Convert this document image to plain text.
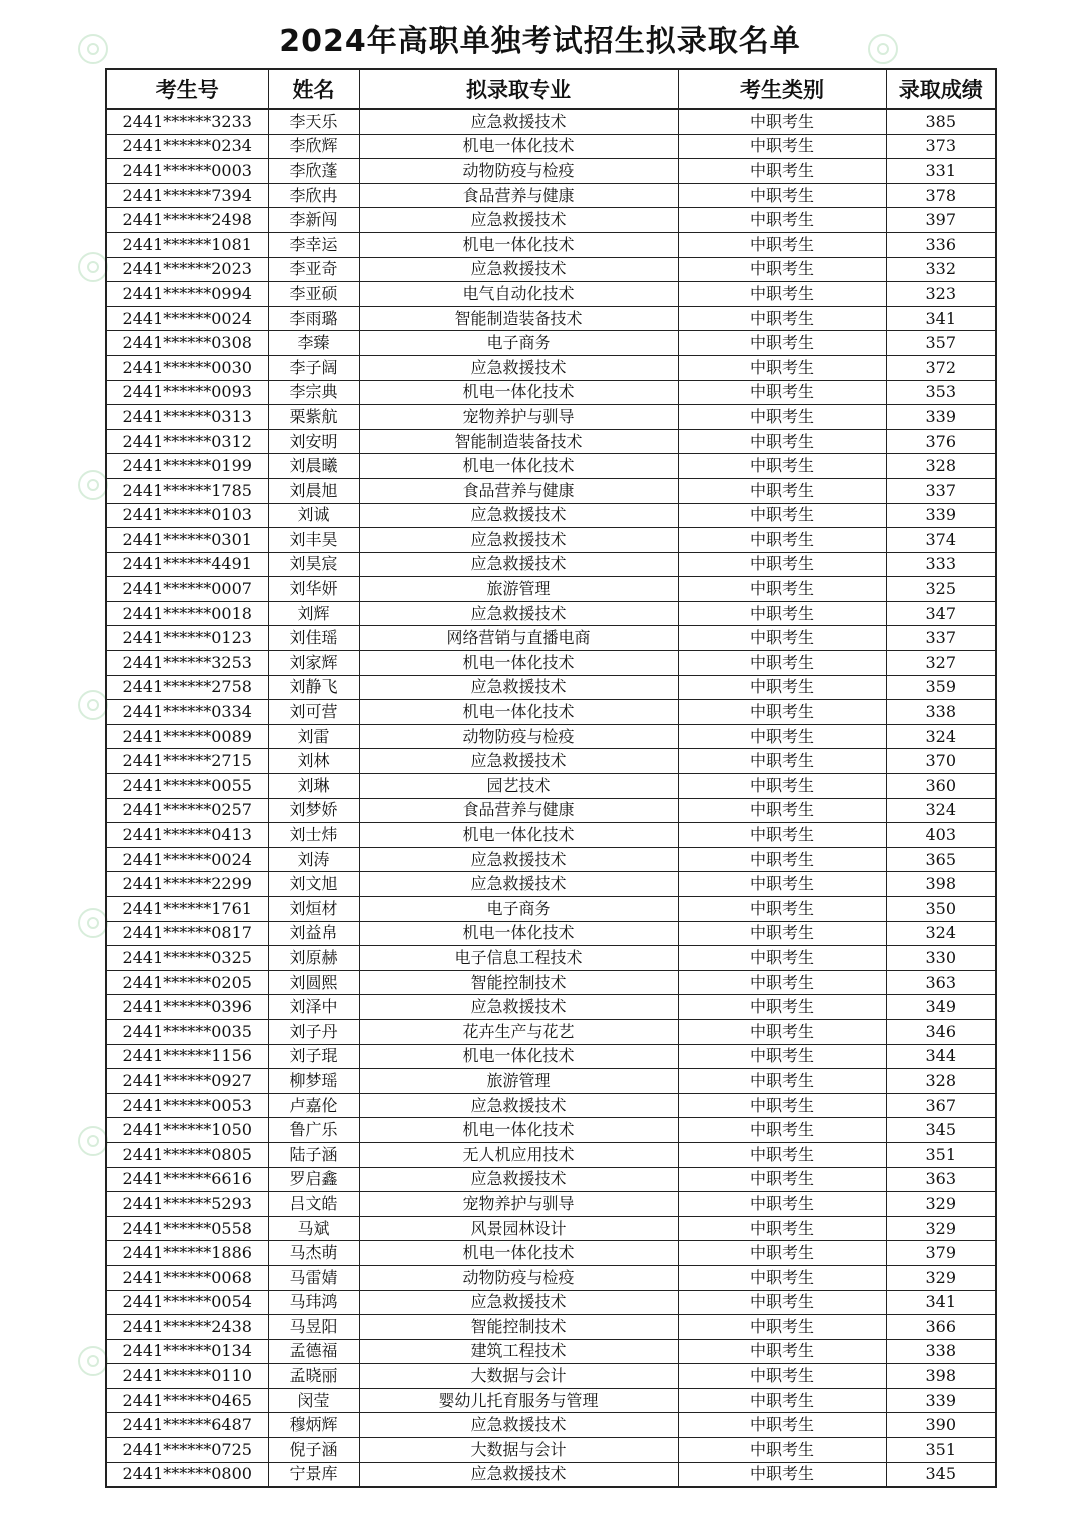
2024年高职单独考试招生拟录取名单
考生号	姓名	拟录取专业	考生类别	录取成绩
2441******3233	李天乐	应急救援技术	中职考生	385
2441******0234	李欣辉	机电一体化技术	中职考生	373
2441******0003	李欣蓬	动物防疫与检疫	中职考生	331
2441******7394	李欣冉	食品营养与健康	中职考生	378
2441******2498	李新闯	应急救援技术	中职考生	397
2441******1081	李幸运	机电一体化技术	中职考生	336
2441******2023	李亚奇	应急救援技术	中职考生	332
2441******0994	李亚硕	电气自动化技术	中职考生	323
2441******0024	李雨璐	智能制造装备技术	中职考生	341
2441******0308	李臻	电子商务	中职考生	357
2441******0030	李子阔	应急救援技术	中职考生	372
2441******0093	李宗典	机电一体化技术	中职考生	353
2441******0313	栗紫航	宠物养护与驯导	中职考生	339
2441******0312	刘安明	智能制造装备技术	中职考生	376
2441******0199	刘晨曦	机电一体化技术	中职考生	328
2441******1785	刘晨旭	食品营养与健康	中职考生	337
2441******0103	刘诚	应急救援技术	中职考生	339
2441******0301	刘丰昊	应急救援技术	中职考生	374
2441******4491	刘昊宸	应急救援技术	中职考生	333
2441******0007	刘华妍	旅游管理	中职考生	325
2441******0018	刘辉	应急救援技术	中职考生	347
2441******0123	刘佳瑶	网络营销与直播电商	中职考生	337
2441******3253	刘家辉	机电一体化技术	中职考生	327
2441******2758	刘静飞	应急救援技术	中职考生	359
2441******0334	刘可营	机电一体化技术	中职考生	338
2441******0089	刘雷	动物防疫与检疫	中职考生	324
2441******2715	刘林	应急救援技术	中职考生	370
2441******0055	刘琳	园艺技术	中职考生	360
2441******0257	刘梦娇	食品营养与健康	中职考生	324
2441******0413	刘士炜	机电一体化技术	中职考生	403
2441******0024	刘涛	应急救援技术	中职考生	365
2441******2299	刘文旭	应急救援技术	中职考生	398
2441******1761	刘烜材	电子商务	中职考生	350
2441******0817	刘益帛	机电一体化技术	中职考生	324
2441******0325	刘原赫	电子信息工程技术	中职考生	330
2441******0205	刘圆熙	智能控制技术	中职考生	363
2441******0396	刘泽中	应急救援技术	中职考生	349
2441******0035	刘子丹	花卉生产与花艺	中职考生	346
2441******1156	刘子琨	机电一体化技术	中职考生	344
2441******0927	柳梦瑶	旅游管理	中职考生	328
2441******0053	卢嘉伦	应急救援技术	中职考生	367
2441******1050	鲁广乐	机电一体化技术	中职考生	345
2441******0805	陆子涵	无人机应用技术	中职考生	351
2441******6616	罗启鑫	应急救援技术	中职考生	363
2441******5293	吕文皓	宠物养护与驯导	中职考生	329
2441******0558	马斌	风景园林设计	中职考生	329
2441******1886	马杰萌	机电一体化技术	中职考生	379
2441******0068	马雷婧	动物防疫与检疫	中职考生	329
2441******0054	马玮鸿	应急救援技术	中职考生	341
2441******2438	马昱阳	智能控制技术	中职考生	366
2441******0134	孟德福	建筑工程技术	中职考生	338
2441******0110	孟晓丽	大数据与会计	中职考生	398
2441******0465	闵莹	婴幼儿托育服务与管理	中职考生	339
2441******6487	穆炳辉	应急救援技术	中职考生	390
2441******0725	倪子涵	大数据与会计	中职考生	351
2441******0800	宁景库	应急救援技术	中职考生	345
